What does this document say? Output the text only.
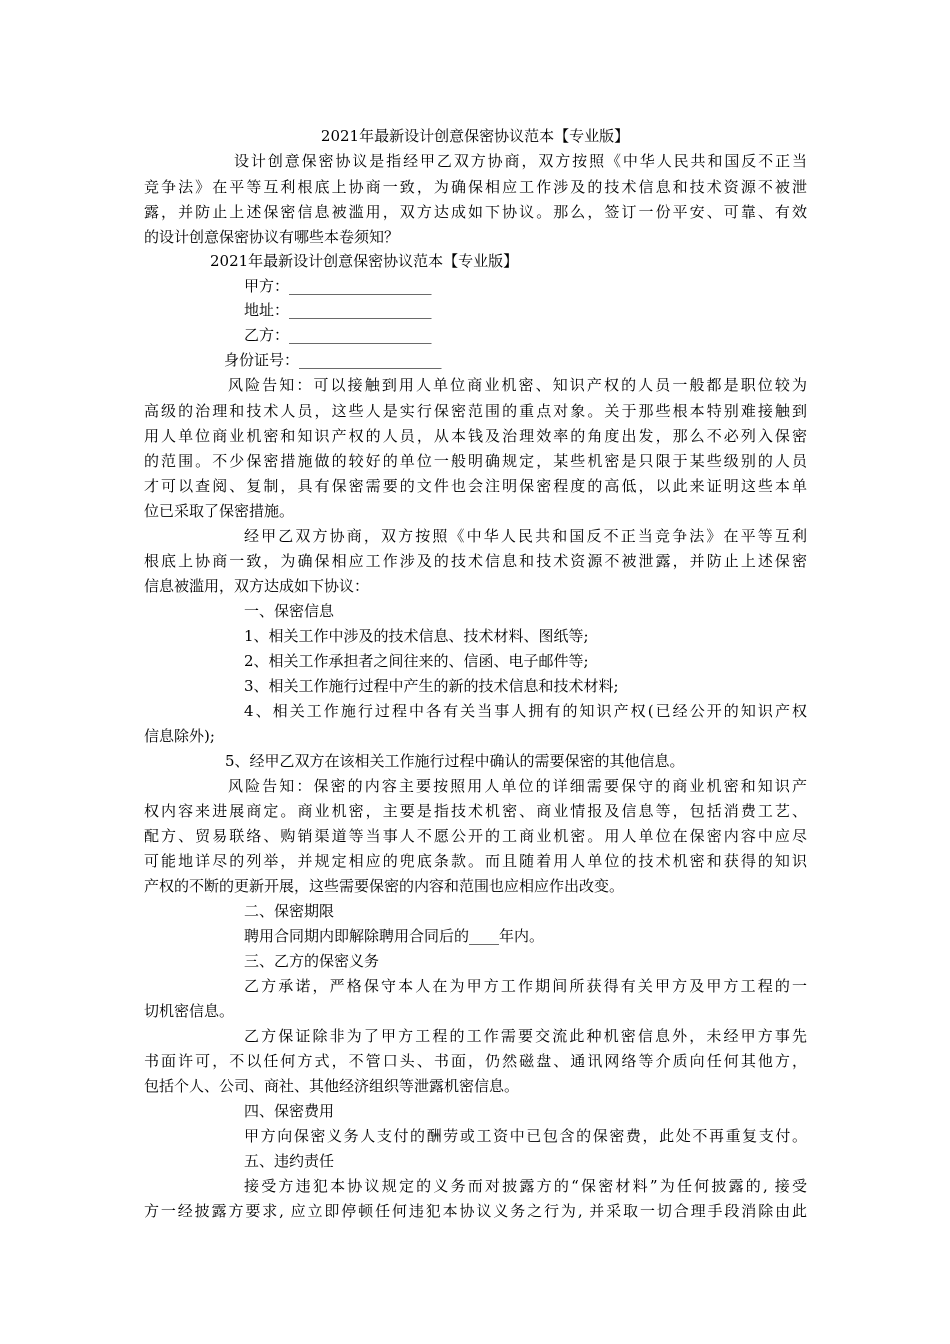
2021年最新设计创意保密协议范本【专业版】
设计创意保密协议是指经甲乙双方协商，双方按照《中华人民共和国反不正当
竞争法》在平等互利根底上协商一致，为确保相应工作涉及的技术信息和技术资源不被泄
露，并防止上述保密信息被滥用，双方达成如下协议。那么，签订一份平安、可靠、有效
的设计创意保密协议有哪些本卷须知？
2021年最新设计创意保密协议范本【专业版】
甲方：___________________
地址：___________________
乙方：___________________
身份证号：___________________
风险告知：可以接触到用人单位商业机密、知识产权的人员一般都是职位较为
高级的治理和技术人员，这些人是实行保密范围的重点对象。关于那些根本特别难接触到
用人单位商业机密和知识产权的人员，从本钱及治理效率的角度出发，那么不必列入保密
的范围。不少保密措施做的较好的单位一般明确规定，某些机密是只限于某些级别的人员
才可以查阅、复制，具有保密需要的文件也会注明保密程度的高低，以此来证明这些本单
位已采取了保密措施。
经甲乙双方协商，双方按照《中华人民共和国反不正当竞争法》在平等互利
根底上协商一致，为确保相应工作涉及的技术信息和技术资源不被泄露，并防止上述保密
信息被滥用，双方达成如下协议：
一、保密信息
1、相关工作中涉及的技术信息、技术材料、图纸等;
2、相关工作承担者之间往来的、信函、电子邮件等;
3、相关工作施行过程中产生的新的技术信息和技术材料;
4、相关工作施行过程中各有关当事人拥有的知识产权(已经公开的知识产权
信息除外);
5、经甲乙双方在该相关工作施行过程中确认的需要保密的其他信息。
风险告知：保密的内容主要按照用人单位的详细需要保守的商业机密和知识产
权内容来进展商定。商业机密，主要是指技术机密、商业情报及信息等，包括消费工艺、
配方、贸易联络、购销渠道等当事人不愿公开的工商业机密。用人单位在保密内容中应尽
可能地详尽的列举，并规定相应的兜底条款。而且随着用人单位的技术机密和获得的知识
产权的不断的更新开展，这些需要保密的内容和范围也应相应作出改变。
二、保密期限
聘用合同期内即解除聘用合同后的____年内。
三、乙方的保密义务
乙方承诺，严格保守本人在为甲方工作期间所获得有关甲方及甲方工程的一
切机密信息。
乙方保证除非为了甲方工程的工作需要交流此种机密信息外，未经甲方事先
书面许可，不以任何方式，不管口头、书面，仍然磁盘、通讯网络等介质向任何其他方，
包括个人、公司、商社、其他经济组织等泄露机密信息。
四、保密费用
甲方向保密义务人支付的酬劳或工资中已包含的保密费，此处不再重复支付。
五、违约责任
接受方违犯本协议规定的义务而对披露方的“保密材料”为任何披露的, 接受
方一经披露方要求, 应立即停顿任何违犯本协议义务之行为, 并采取一切合理手段消除由此
